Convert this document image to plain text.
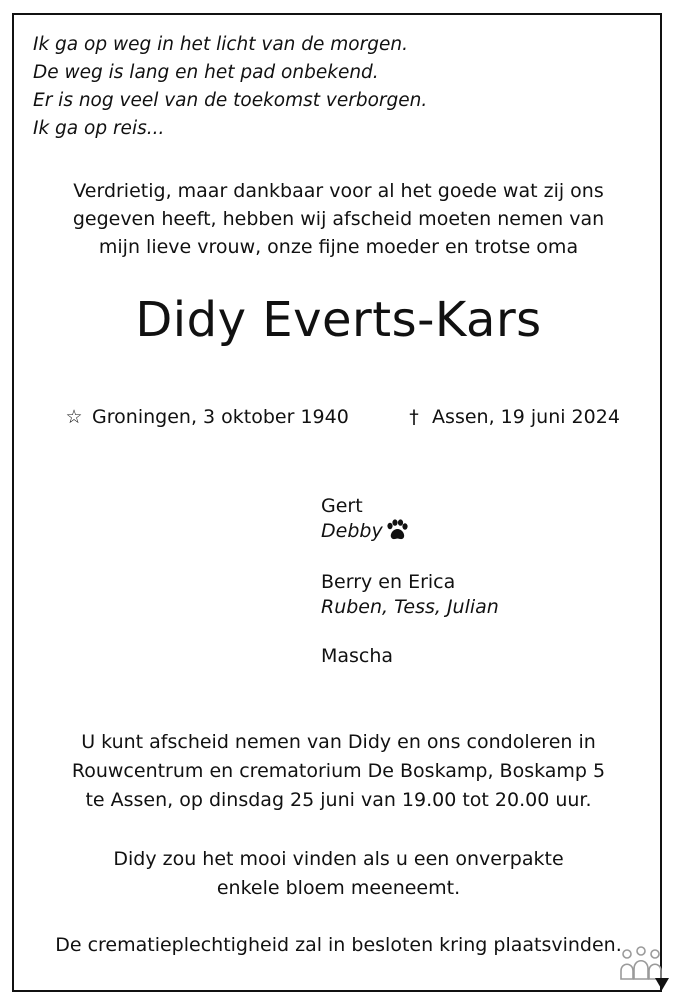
Ik ga op weg in het licht van de morgen.
De weg is lang en het pad onbekend.
Er is nog veel van de toekomst verborgen.
Ik ga op reis...
Verdrietig, maar dankbaar voor al het goede wat zij ons
gegeven heeft, hebben wij afscheid moeten nemen van
mijn lieve vrouw, onze fijne moeder en trotse oma
Didy Everts-Kars
☆ Groningen, 3 oktober 1940	† Assen, 19 juni 2024
Gert
Debby
Berry en Erica
Ruben, Tess, Julian
Mascha
U kunt afscheid nemen van Didy en ons condoleren in
Rouwcentrum en crematorium De Boskamp, Boskamp 5
te Assen, op dinsdag 25 juni van 19.00 tot 20.00 uur.
Didy zou het mooi vinden als u een onverpakte
enkele bloem meeneemt.
De crematieplechtigheid zal in besloten kring plaatsvinden.
